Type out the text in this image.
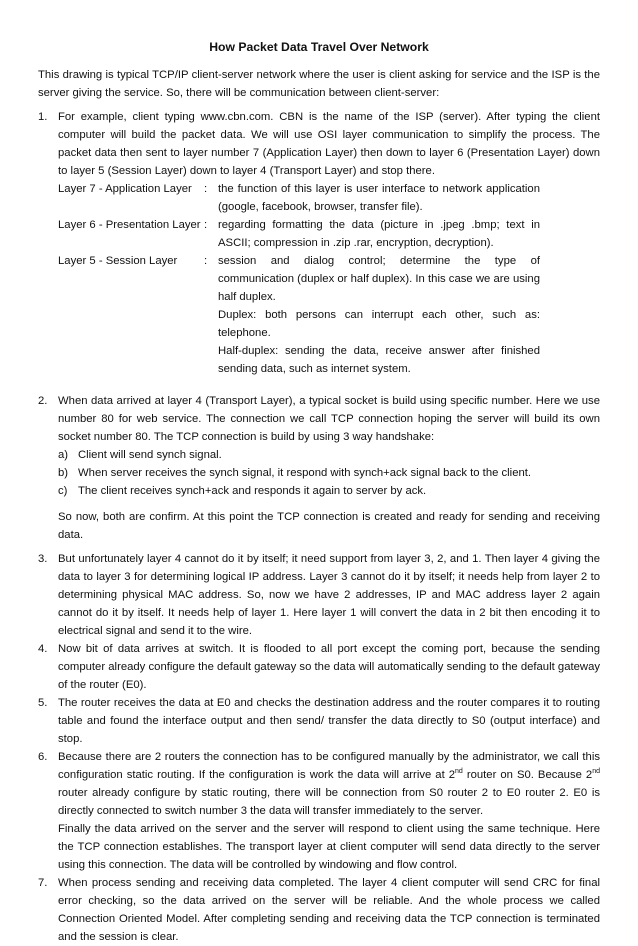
How Packet Data Travel Over Network

This drawing is typical TCP/IP client-server network where the user is client asking for service and the ISP is the server giving the service. So, there will be communication between client-server:

1. For example, client typing www.cbn.com. CBN is the name of the ISP (server). After typing the client computer will build the packet data. We will use OSI layer communication to simplify the process. The packet data then sent to layer number 7 (Application Layer) then down to layer 6 (Presentation Layer) down to layer 5 (Session Layer) down to layer 4 (Transport Layer) and stop there.

Layer 7 - Application Layer	: the function of this layer is user interface to network application (google, facebook, browser, transfer file).
Layer 6 - Presentation Layer : regarding formatting the data (picture in .jpeg .bmp; text in ASCII; compression in .zip .rar, encryption, decryption).
Layer 5 - Session Layer	: session and dialog control; determine the type of communication (duplex or half duplex). In this case we are using half duplex.
Duplex: both persons can interrupt each other, such as: telephone.
Half-duplex: sending the data, receive answer after finished sending data, such as internet system.
2. When data arrived at layer 4 (Transport Layer), a typical socket is build using specific number. Here we use number 80 for web service. The connection we call TCP connection hoping the server will build its own socket number 80. The TCP connection is build by using 3 way handshake:

a) Client will send synch signal.
b) When server receives the synch signal, it respond with synch+ack signal back to the client.
c) The client receives synch+ack and responds it again to server by ack.

So now, both are confirm. At this point the TCP connection is created and ready for sending and receiving data.

3. But unfortunately layer 4 cannot do it by itself; it need support from layer 3, 2, and 1. Then layer 4 giving the data to layer 3 for determining logical IP address. Layer 3 cannot do it by itself; it needs help from layer 2 to determining physical MAC address. So, now we have 2 addresses, IP and MAC address layer 2 again cannot do it by itself. It needs help of layer 1. Here layer 1 will convert the data in 2 bit then encoding it to electrical signal and send it to the wire.

4. Now bit of data arrives at switch. It is flooded to all port except the coming port, because the sending computer already configure the default gateway so the data will automatically sending to the default gateway of the router (E0).

5. The router receives the data at E0 and checks the destination address and the router compares it to routing table and found the interface output and then send/ transfer the data directly to S0 (output interface) and stop.

6. Because there are 2 routers the connection has to be configured manually by the administrator, we call this configuration static routing. If the configuration is work the data will arrive at 2nd router on S0. Because 2nd router already configure by static routing, there will be connection from S0 router 2 to E0 router 2. E0 is directly connected to switch number 3 the data will transfer immediately to the server.

Finally the data arrived on the server and the server will respond to client using the same technique. Here the TCP connection establishes. The transport layer at client computer will send data directly to the server using this connection. The data will be controlled by windowing and flow control.

7. When process sending and receiving data completed. The layer 4 client computer will send CRC for final error checking, so the data arrived on the server will be reliable. And the whole process we called Connection Oriented Model. After completing sending and receiving data the TCP connection is terminated and the session is clear.
